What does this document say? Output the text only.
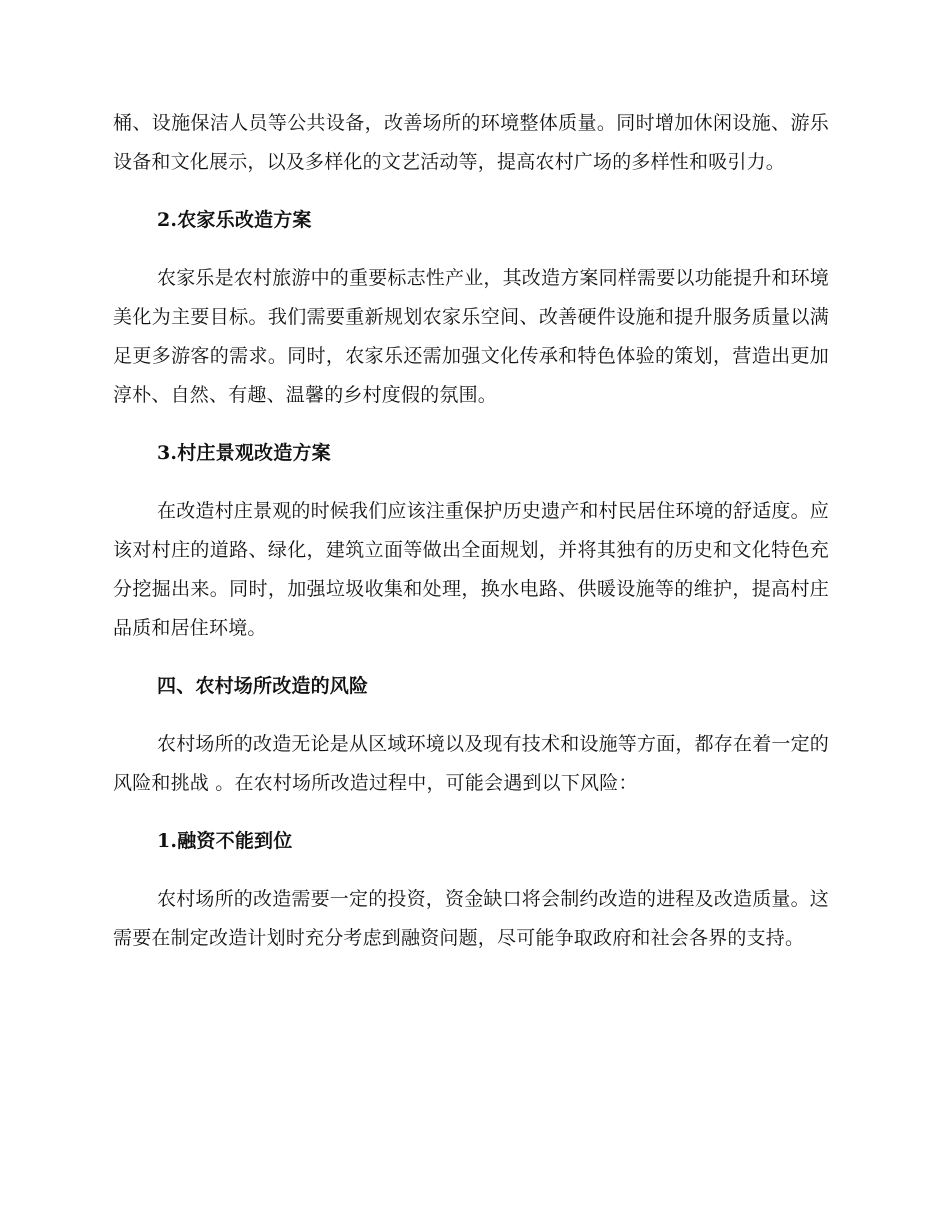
桶、设施保洁人员等公共设备，改善场所的环境整体质量。同时增加休闲设施、游乐设备和文化展示，以及多样化的文艺活动等，提高农村广场的多样性和吸引力。

2.农家乐改造方案

农家乐是农村旅游中的重要标志性产业，其改造方案同样需要以功能提升和环境美化为主要目标。我们需要重新规划农家乐空间、改善硬件设施和提升服务质量以满足更多游客的需求。同时，农家乐还需加强文化传承和特色体验的策划，营造出更加淳朴、自然、有趣、温馨的乡村度假的氛围。

3.村庄景观改造方案

在改造村庄景观的时候我们应该注重保护历史遗产和村民居住环境的舒适度。应该对村庄的道路、绿化，建筑立面等做出全面规划，并将其独有的历史和文化特色充分挖掘出来。同时，加强垃圾收集和处理，换水电路、供暖设施等的维护，提高村庄品质和居住环境。

四、农村场所改造的风险

农村场所的改造无论是从区域环境以及现有技术和设施等方面，都存在着一定的风险和挑战 。在农村场所改造过程中，可能会遇到以下风险：

1.融资不能到位

农村场所的改造需要一定的投资，资金缺口将会制约改造的进程及改造质量。这需要在制定改造计划时充分考虑到融资问题，尽可能争取政府和社会各界的支持。
